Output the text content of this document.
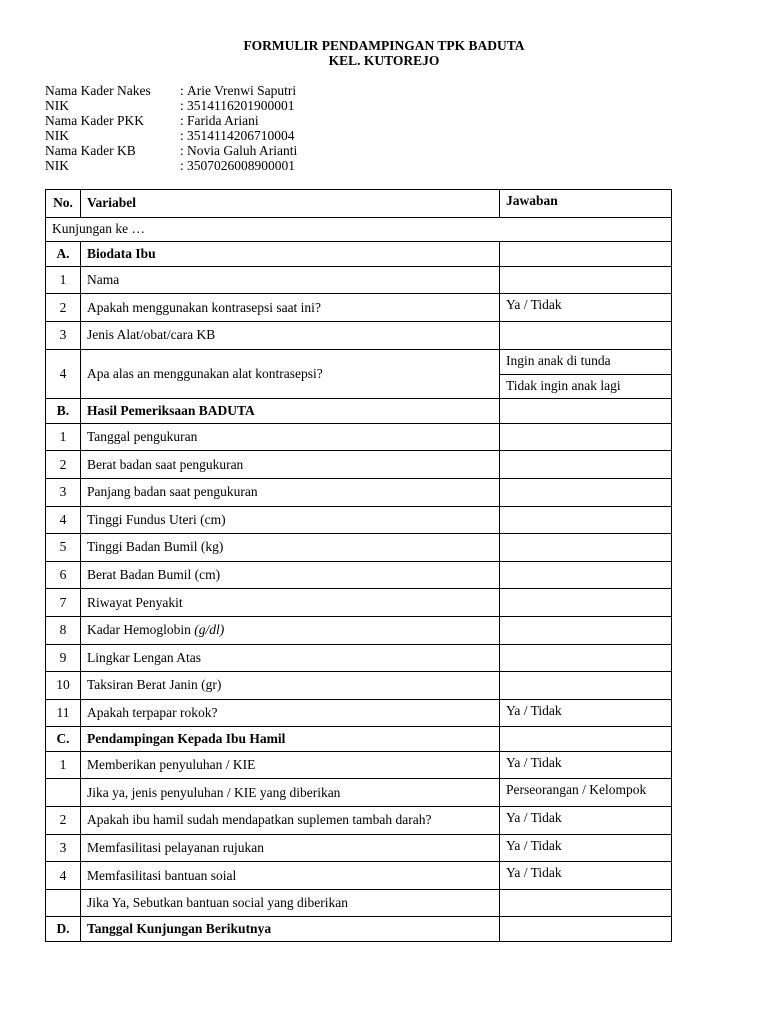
FORMULIR PENDAMPINGAN TPK BADUTA
KEL. KUTOREJO
Nama Kader Nakes	: Arie Vrenwi Saputri
NIK	: 3514116201900001
Nama Kader PKK	: Farida Ariani
NIK	: 3514114206710004
Nama Kader KB	: Novia Galuh Arianti
NIK	: 3507026008900001
No.	Variabel	Jawaban
Kunjungan ke …		
A.	Biodata Ibu	
1	Nama	
2	Apakah menggunakan kontrasepsi saat ini?	Ya / Tidak
3	Jenis Alat/obat/cara KB	
4	Apa alas an menggunakan alat kontrasepsi?	Ingin anak di tunda
Tidak ingin anak lagi

B.	Hasil Pemeriksaan BADUTA	
1	Tanggal pengukuran	
2	Berat badan saat pengukuran	
3	Panjang badan saat pengukuran	
4	Tinggi Fundus Uteri (cm)	
5	Tinggi Badan Bumil (kg)	
6	Berat Badan Bumil (cm)	
7	Riwayat Penyakit	
8	Kadar Hemoglobin (g/dl)	
9	Lingkar Lengan Atas	
10	Taksiran Berat Janin (gr)	
11	Apakah terpapar rokok?	Ya / Tidak
C.	Pendampingan Kepada Ibu Hamil	
1	Memberikan penyuluhan / KIE	Ya / Tidak
	Jika ya, jenis penyuluhan / KIE yang diberikan	Perseorangan / Kelompok
2	Apakah ibu hamil sudah mendapatkan suplemen tambah darah?	Ya / Tidak
3	Memfasilitasi pelayanan rujukan	Ya / Tidak
4	Memfasilitasi bantuan soial	Ya / Tidak
	Jika Ya, Sebutkan bantuan social yang diberikan	
D.	Tanggal Kunjungan Berikutnya	
